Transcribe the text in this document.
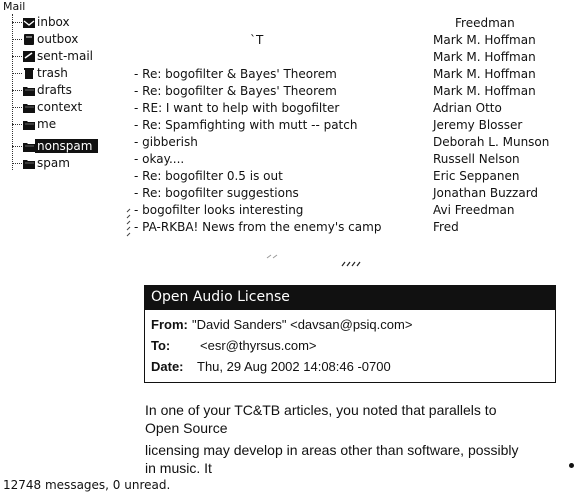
Mail
inbox
outbox
sent-mail
trash
drafts
context
me
nonspam
spam
Freedman
`T	Mark M. Hoffman
Mark M. Hoffman
- Re: bogofilter & Bayes' Theorem	Mark M. Hoffman
- Re: bogofilter & Bayes' Theorem	Mark M. Hoffman
- RE: I want to help with bogofilter	Adrian Otto
- Re: Spamfighting with mutt -- patch	Jeremy Blosser
- gibberish	Deborah L. Munson
- okay....	Russell Nelson
- Re: bogofilter 0.5 is out	Eric Seppanen
- Re: bogofilter suggestions	Jonathan Buzzard
- bogofilter looks interesting	Avi Freedman
- PA-RKBA! News from the enemy's camp	Fred
Open Audio License
From: "David Sanders" <davsan@psiq.com>
To: <esr@thyrsus.com>
Date: Thu, 29 Aug 2002 14:08:46 -0700
In one of your TC&TB articles, you noted that parallels to
Open Source
licensing may develop in areas other than software, possibly
in music. It
12748 messages, 0 unread.
